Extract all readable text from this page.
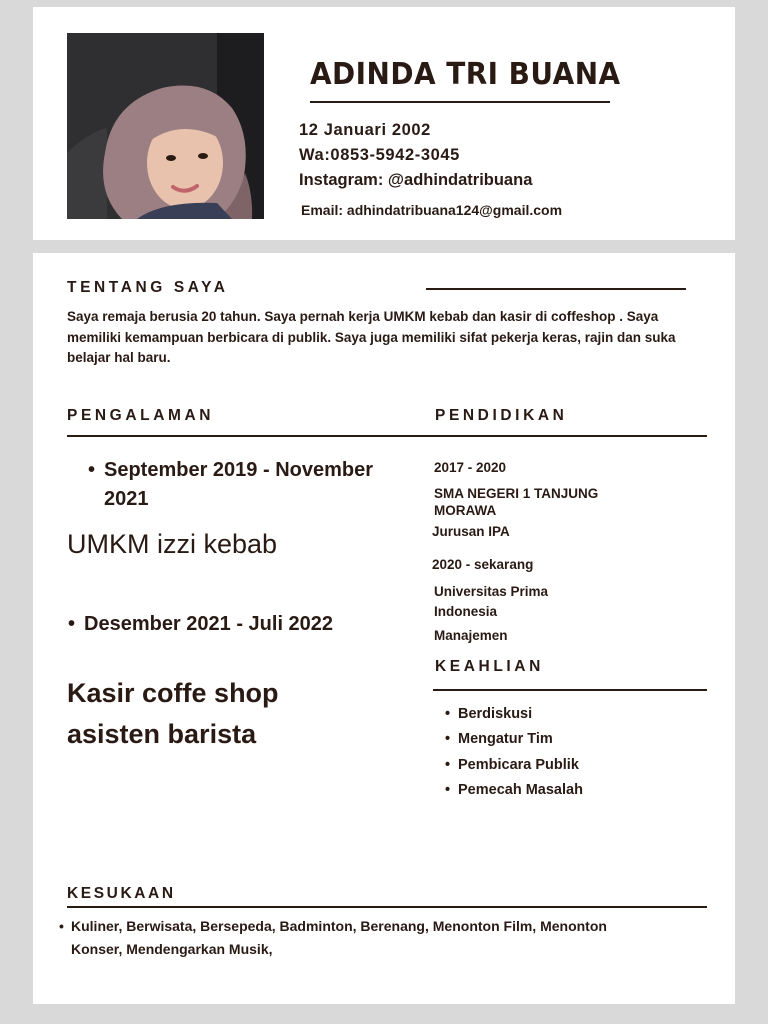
ADINDA TRI BUANA
12 Januari 2002
Wa:0853-5942-3045
Instagram: @adhindatribuana
Email: adhindatribuana124@gmail.com
TENTANG SAYA
Saya remaja berusia 20 tahun. Saya pernah kerja UMKM kebab dan kasir di coffeshop . Saya memiliki kemampuan berbicara di publik. Saya juga memiliki sifat pekerja keras, rajin dan suka belajar hal baru.
PENGALAMAN	PENDIDIKAN
• September 2019 - November 2021
UMKM izzi kebab
• Desember 2021 - Juli 2022
Kasir coffe shop asisten barista
2017 - 2020
SMA NEGERI 1 TANJUNG MORAWA
Jurusan IPA
2020 - sekarang
Universitas Prima Indonesia
Manajemen
KEAHLIAN
• Berdiskusi
• Mengatur Tim
• Pembicara Publik
• Pemecah Masalah
KESUKAAN
• Kuliner, Berwisata, Bersepeda, Badminton, Berenang, Menonton Film, Menonton Konser, Mendengarkan Musik,
